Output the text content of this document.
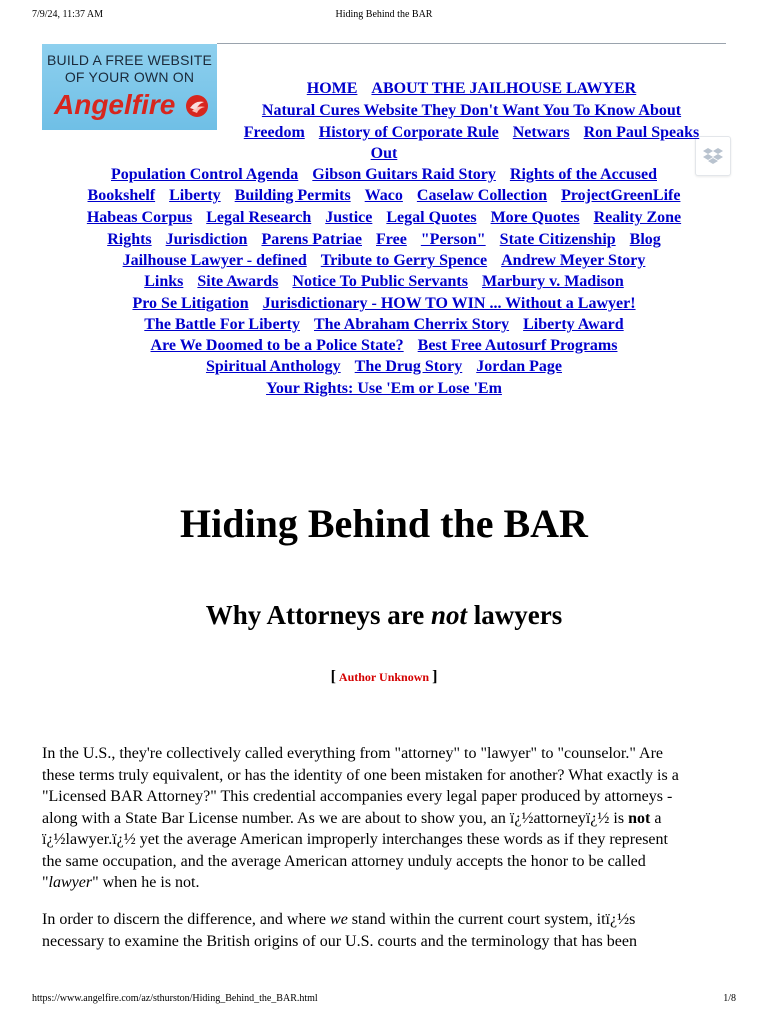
7/9/24, 11:37 AM	Hiding Behind the BAR
BUILD A FREE WEBSITE
OF YOUR OWN ON
Angelfire
HOME ABOUT THE JAILHOUSE LAWYER
Natural Cures Website They Don't Want You To Know About
Freedom History of Corporate Rule Netwars Ron Paul Speaks
Out
Population Control Agenda Gibson Guitars Raid Story Rights of the Accused
Bookshelf Liberty Building Permits Waco Caselaw Collection ProjectGreenLife
Habeas Corpus Legal Research Justice Legal Quotes More Quotes Reality Zone
Rights Jurisdiction Parens Patriae Free "Person" State Citizenship Blog
Jailhouse Lawyer - defined Tribute to Gerry Spence Andrew Meyer Story
Links Site Awards Notice To Public Servants Marbury v. Madison
Pro Se Litigation Jurisdictionary - HOW TO WIN ... Without a Lawyer!
The Battle For Liberty The Abraham Cherrix Story Liberty Award
Are We Doomed to be a Police State? Best Free Autosurf Programs
Spiritual Anthology The Drug Story Jordan Page
Your Rights: Use 'Em or Lose 'Em
Hiding Behind the BAR
Why Attorneys are not lawyers
[ Author Unknown ]

In the U.S., they're collectively called everything from "attorney" to "lawyer" to "counselor." Are
these terms truly equivalent, or has the identity of one been mistaken for another? What exactly is a
"Licensed BAR Attorney?" This credential accompanies every legal paper produced by attorneys -
along with a State Bar License number. As we are about to show you, an ï¿½attorneyï¿½ is not a
ï¿½lawyer.ï¿½ yet the average American improperly interchanges these words as if they represent
the same occupation, and the average American attorney unduly accepts the honor to be called
"lawyer" when he is not.

In order to discern the difference, and where we stand within the current court system, itï¿½s
necessary to examine the British origins of our U.S. courts and the terminology that has been

https://www.angelfire.com/az/sthurston/Hiding_Behind_the_BAR.html	1/8
